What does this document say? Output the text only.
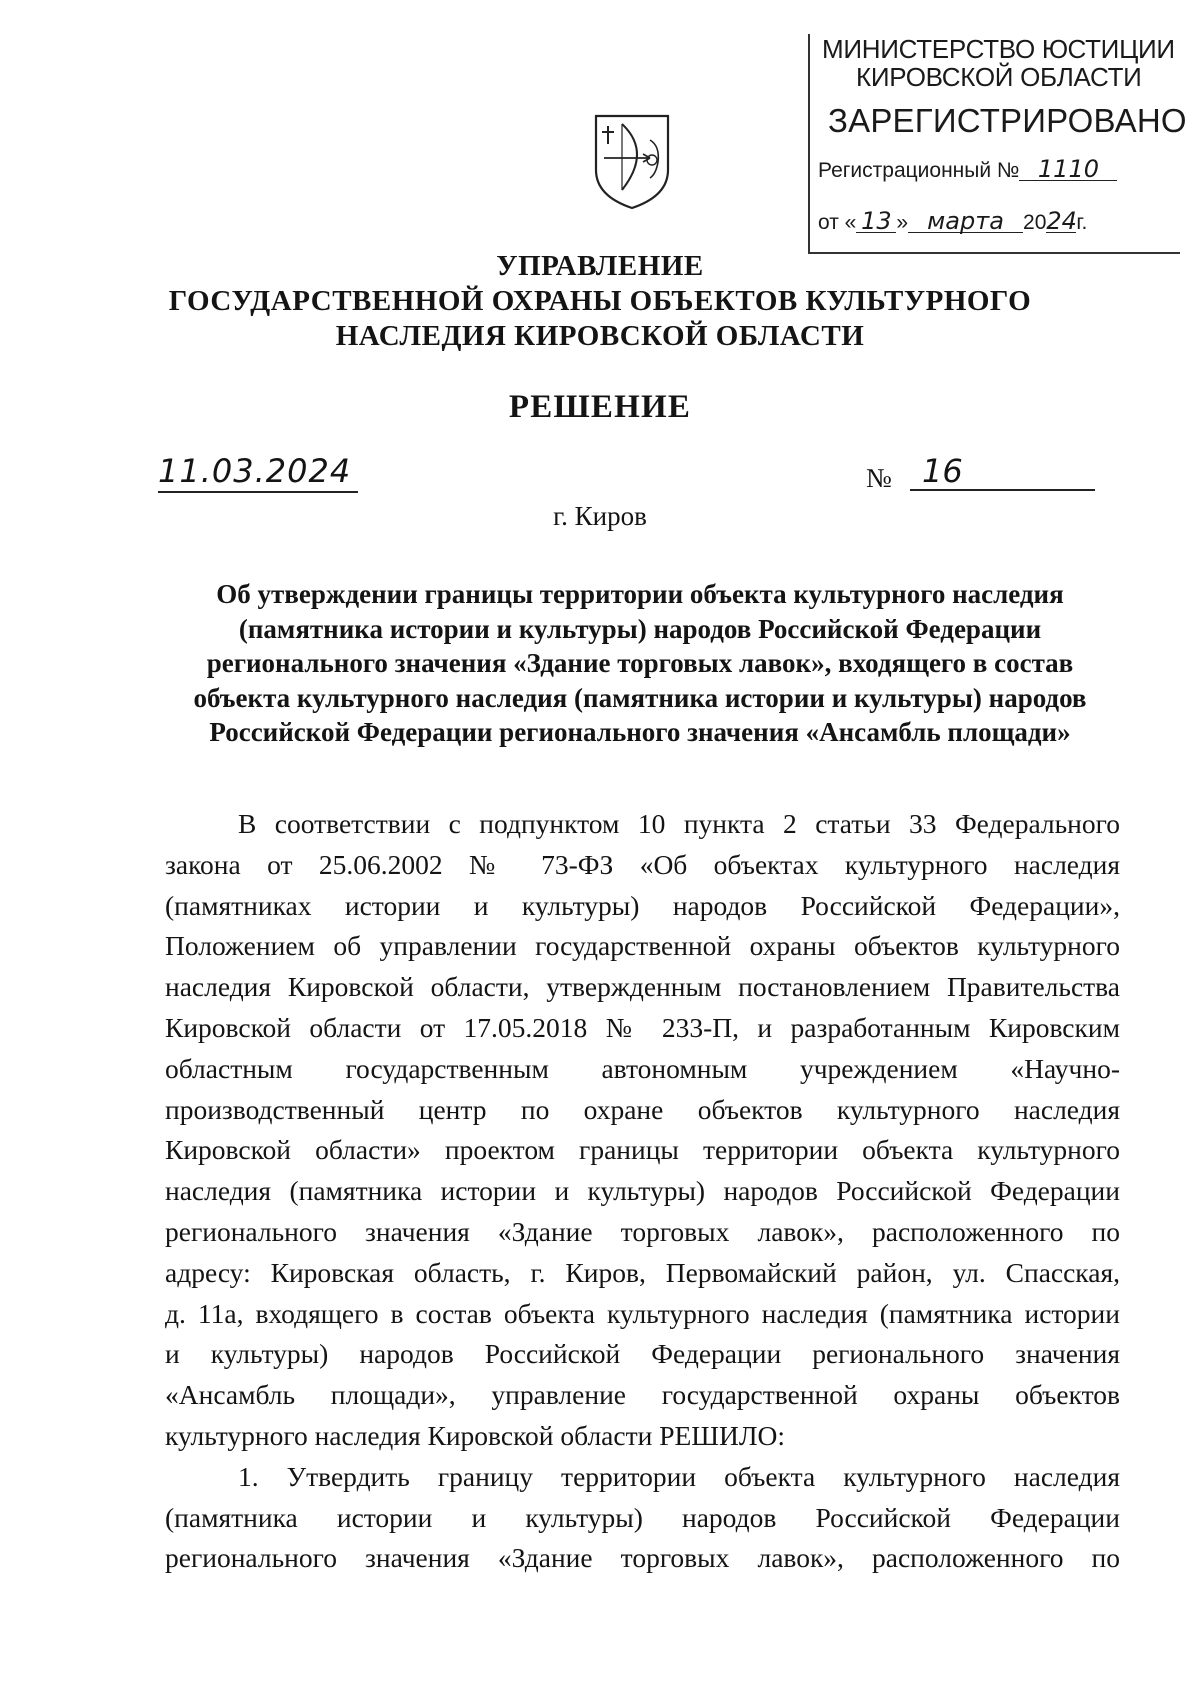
МИНИСТЕРСТВО ЮСТИЦИИ
КИРОВСКОЙ ОБЛАСТИ
ЗАРЕГИСТРИРОВАНО
Регистрационный № 1110
от « 13 » марта 2024г.
УПРАВЛЕНИЕ
ГОСУДАРСТВЕННОЙ ОХРАНЫ ОБЪЕКТОВ КУЛЬТУРНОГО
НАСЛЕДИЯ КИРОВСКОЙ ОБЛАСТИ
РЕШЕНИЕ
11.03.2024	№ 16
г. Киров
Об утверждении границы территории объекта культурного наследия
(памятника истории и культуры) народов Российской Федерации
регионального значения «Здание торговых лавок», входящего в состав
объекта культурного наследия (памятника истории и культуры) народов
Российской Федерации регионального значения «Ансамбль площади»
В соответствии с подпунктом 10 пункта 2 статьи 33 Федерального
закона от 25.06.2002 № 73-ФЗ «Об объектах культурного наследия
(памятниках истории и культуры) народов Российской Федерации»,
Положением об управлении государственной охраны объектов культурного
наследия Кировской области, утвержденным постановлением Правительства
Кировской области от 17.05.2018 № 233-П, и разработанным Кировским
областным государственным автономным учреждением «Научно-
производственный центр по охране объектов культурного наследия
Кировской области» проектом границы территории объекта культурного
наследия (памятника истории и культуры) народов Российской Федерации
регионального значения «Здание торговых лавок», расположенного по
адресу: Кировская область, г. Киров, Первомайский район, ул. Спасская,
д. 11а, входящего в состав объекта культурного наследия (памятника истории
и культуры) народов Российской Федерации регионального значения
«Ансамбль площади», управление государственной охраны объектов
культурного наследия Кировской области РЕШИЛО:
1. Утвердить границу территории объекта культурного наследия
(памятника истории и культуры) народов Российской Федерации
регионального значения «Здание торговых лавок», расположенного по
